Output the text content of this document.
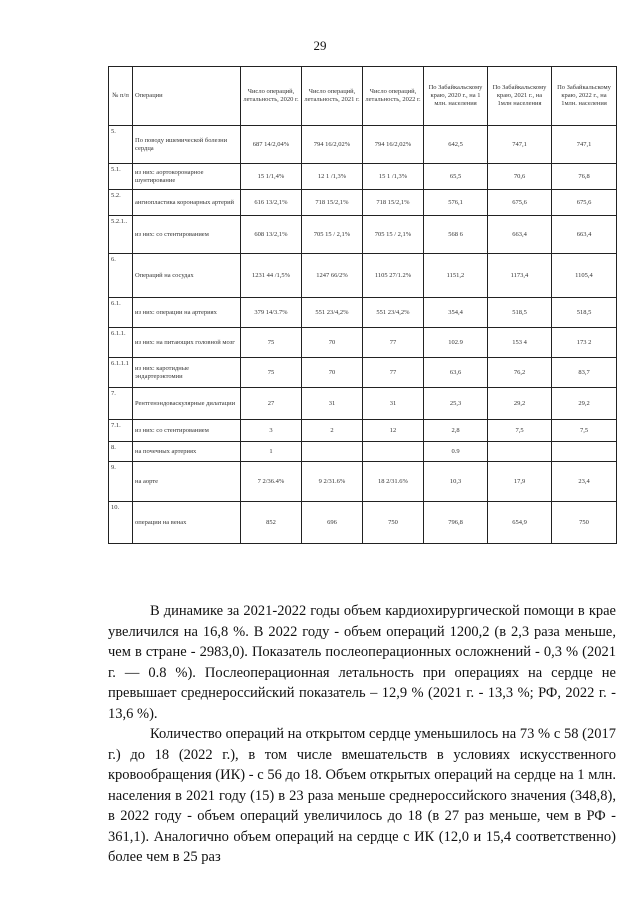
29
№ п/п	Операции	Число операций, летальность, 2020 г.	Число операций, летальность, 2021 г.	Число операций, летальность, 2022 г.	По Забайкальскому краю, 2020 г., на 1 млн. населения	По Забайкальскому краю, 2021 г., на 1млн населения	По Забайкальскому краю, 2022 г., на 1млн. населения
5.	По поводу ишемической болезни сердца	687 14/2,04%	794 16/2,02%	794 16/2,02%	642,5	747,1	747,1
5.1.	из них: аортокоронарное шунтирование	15 1/1,4%	12 1 /1,3%	15 1 /1,3%	65,5	70,6	76,8
5.2.	ангиопластика коронарных артерий	616 13/2,1%	718 15/2,1%	718 15/2,1%	576,1	675,6	675,6
5.2.1..	из них: со стентированием	608 13/2,1%	705 15 / 2,1%	705 15 / 2,1%	568 6	663,4	663,4
6.	Операций на сосудах	1231 44 /1,5%	1247 66/2%	1105 27/1.2%	1151,2	1173,4	1105,4
6.1.	из них: операции на артериях	379 14/3.7%	551 23/4,2%	551 23/4,2%	354,4	518,5	518,5
6.1.1.	из них: на питающих головной мозг	75	70	77	102.9	153 4	173 2
6.1.1.1	из них: каротидные эндартерэктомии	75	70	77	63,6	76,2	83,7
7.	Рентгенэндоваскулярные дилатации	27	31	31	25,3	29,2	29,2
7.1.	из них: со стентированием	3	2	12	2,8	7,5	7,5
8.	на почечных артериях	1			0.9		
9.	на аорте	7 2/36.4%	9 2/31.6%	18 2/31.6%	10,3	17,9	23,4
10.	операции на венах	852	696	750	796,8	654,9	750

В динамике за 2021-2022 годы объем кардиохирургической помощи в крае увеличился на 16,8 %. В 2022 году - объем операций 1200,2 (в 2,3 раза меньше, чем в стране - 2983,0). Показатель послеоперационных осложнений - 0,3 % (2021 г. — 0.8 %). Послеоперационная летальность при операциях на сердце не превышает среднероссийский показатель – 12,9 % (2021 г. - 13,3 %; РФ, 2022 г. - 13,6 %).

Количество операций на открытом сердце уменьшилось на 73 % с 58 (2017 г.) до 18 (2022 г.), в том числе вмешательств в условиях искусственного кровообращения (ИК) - с 56 до 18. Объем открытых операций на сердце на 1 млн. населения в 2021 году (15) в 23 раза меньше среднероссийского значения (348,8), в 2022 году - объем операций увеличилось до 18 (в 27 раз меньше, чем в РФ - 361,1). Аналогично объем операций на сердце с ИК (12,0 и 15,4 соответственно) более чем в 25 раз
